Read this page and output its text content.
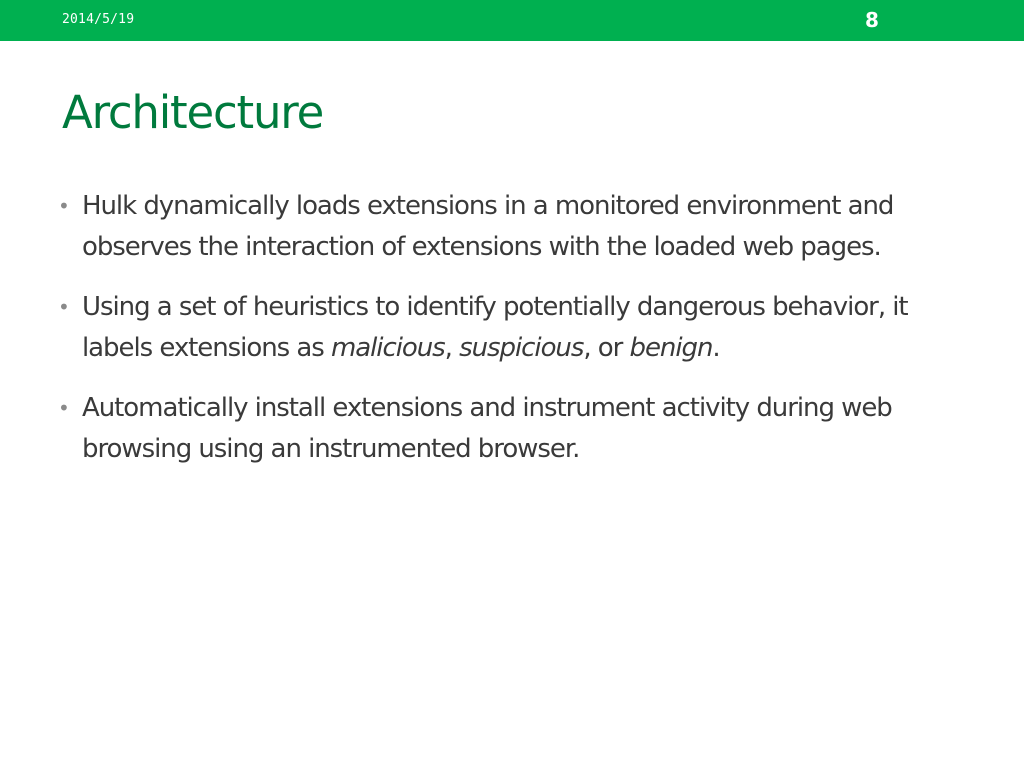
2014/5/19	8
Architecture
• Hulk dynamically loads extensions in a monitored environment and observes the interaction of extensions with the loaded web pages.
• Using a set of heuristics to identify potentially dangerous behavior, it labels extensions as malicious, suspicious, or benign.
• Automatically install extensions and instrument activity during web browsing using an instrumented browser.
